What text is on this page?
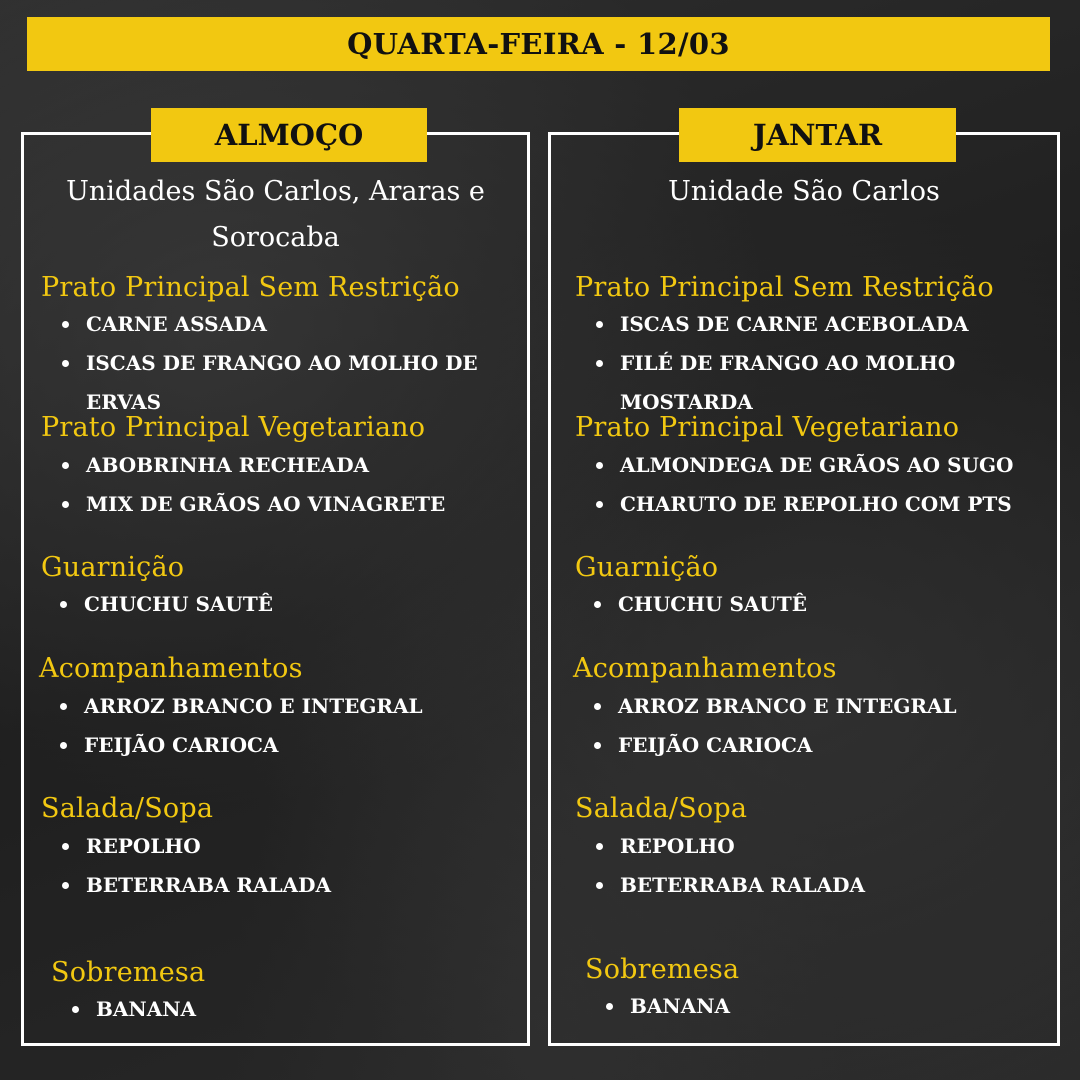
QUARTA-FEIRA - 12/03
ALMOÇO
Unidades São Carlos, Araras e Sorocaba
Prato Principal Sem Restrição
CARNE ASSADA
ISCAS DE FRANGO AO MOLHO DE ERVAS
Prato Principal Vegetariano
ABOBRINHA RECHEADA
MIX DE GRÃOS AO VINAGRETE
Guarnição
CHUCHU SAUTÊ
Acompanhamentos
ARROZ BRANCO E INTEGRAL
FEIJÃO CARIOCA
Salada/Sopa
REPOLHO
BETERRABA RALADA
Sobremesa
BANANA
JANTAR
Unidade São Carlos
Prato Principal Sem Restrição
ISCAS DE CARNE ACEBOLADA
FILÉ DE FRANGO AO MOLHO MOSTARDA
Prato Principal Vegetariano
ALMONDEGA DE GRÃOS AO SUGO
CHARUTO DE REPOLHO COM PTS
Guarnição
CHUCHU SAUTÊ
Acompanhamentos
ARROZ BRANCO E INTEGRAL
FEIJÃO CARIOCA
Salada/Sopa
REPOLHO
BETERRABA RALADA
Sobremesa
BANANA
